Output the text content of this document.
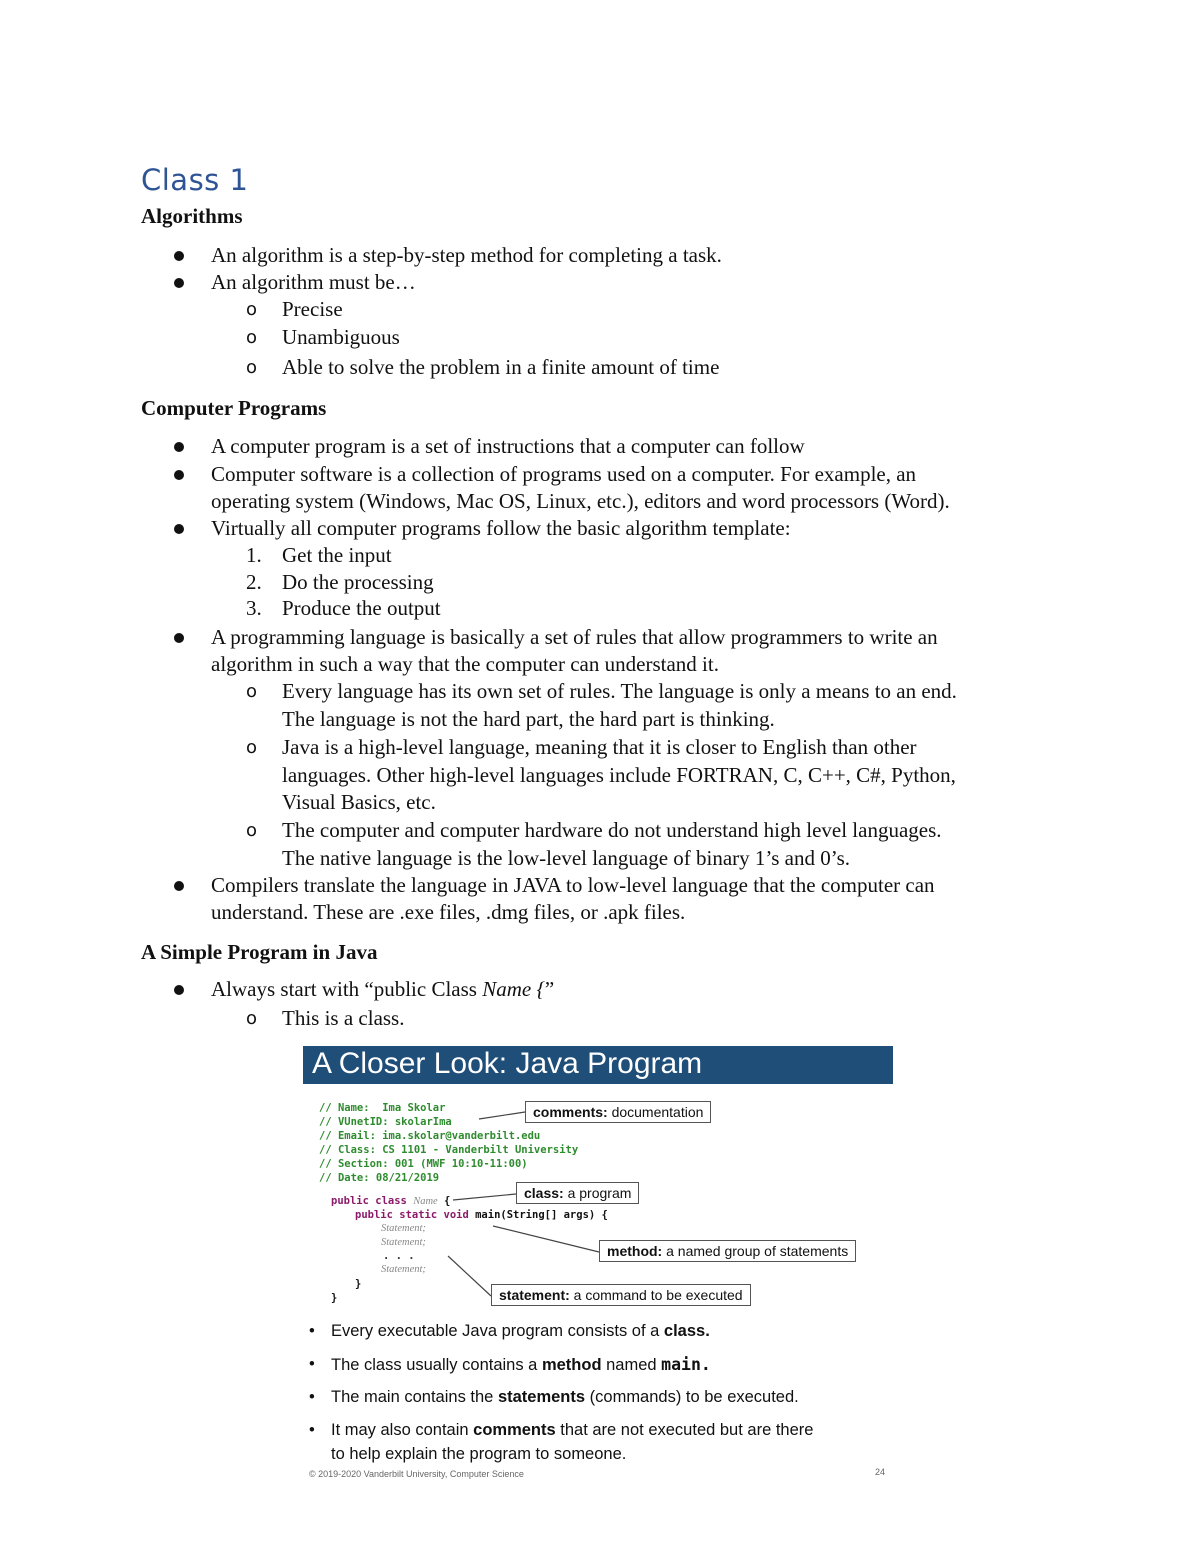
Class 1
Algorithms
An algorithm is a step-by-step method for completing a task.
An algorithm must be…
o Precise
o Unambiguous
o Able to solve the problem in a finite amount of time
Computer Programs
A computer program is a set of instructions that a computer can follow
Computer software is a collection of programs used on a computer. For example, an
operating system (Windows, Mac OS, Linux, etc.), editors and word processors (Word).
Virtually all computer programs follow the basic algorithm template:
1. Get the input
2. Do the processing
3. Produce the output
A programming language is basically a set of rules that allow programmers to write an
algorithm in such a way that the computer can understand it.
o Every language has its own set of rules. The language is only a means to an end.
The language is not the hard part, the hard part is thinking.
o Java is a high-level language, meaning that it is closer to English than other
languages. Other high-level languages include FORTRAN, C, C++, C#, Python,
Visual Basics, etc.
o The computer and computer hardware do not understand high level languages.
The native language is the low-level language of binary 1’s and 0’s.
Compilers translate the language in JAVA to low-level language that the computer can
understand. These are .exe files, .dmg files, or .apk files.
A Simple Program in Java
Always start with “public Class Name {”
o This is a class.
A Closer Look: Java Program
// Name:  Ima Skolar
// VUnetID: skolarIma
// Email: ima.skolar@vanderbilt.edu
// Class: CS 1101 - Vanderbilt University
// Section: 001 (MWF 10:10-11:00)
// Date: 08/21/2019
public class Name {
public static void main(String[] args) {
Statement;
Statement;
. . .
Statement;
}
}
comments: documentation
class: a program
method: a named group of statements
statement: a command to be executed
• Every executable Java program consists of a class.
• The class usually contains a method named main.
• The main contains the statements (commands) to be executed.
• It may also contain comments that are not executed but are there
to help explain the program to someone.
© 2019-2020 Vanderbilt University, Computer Science	24
